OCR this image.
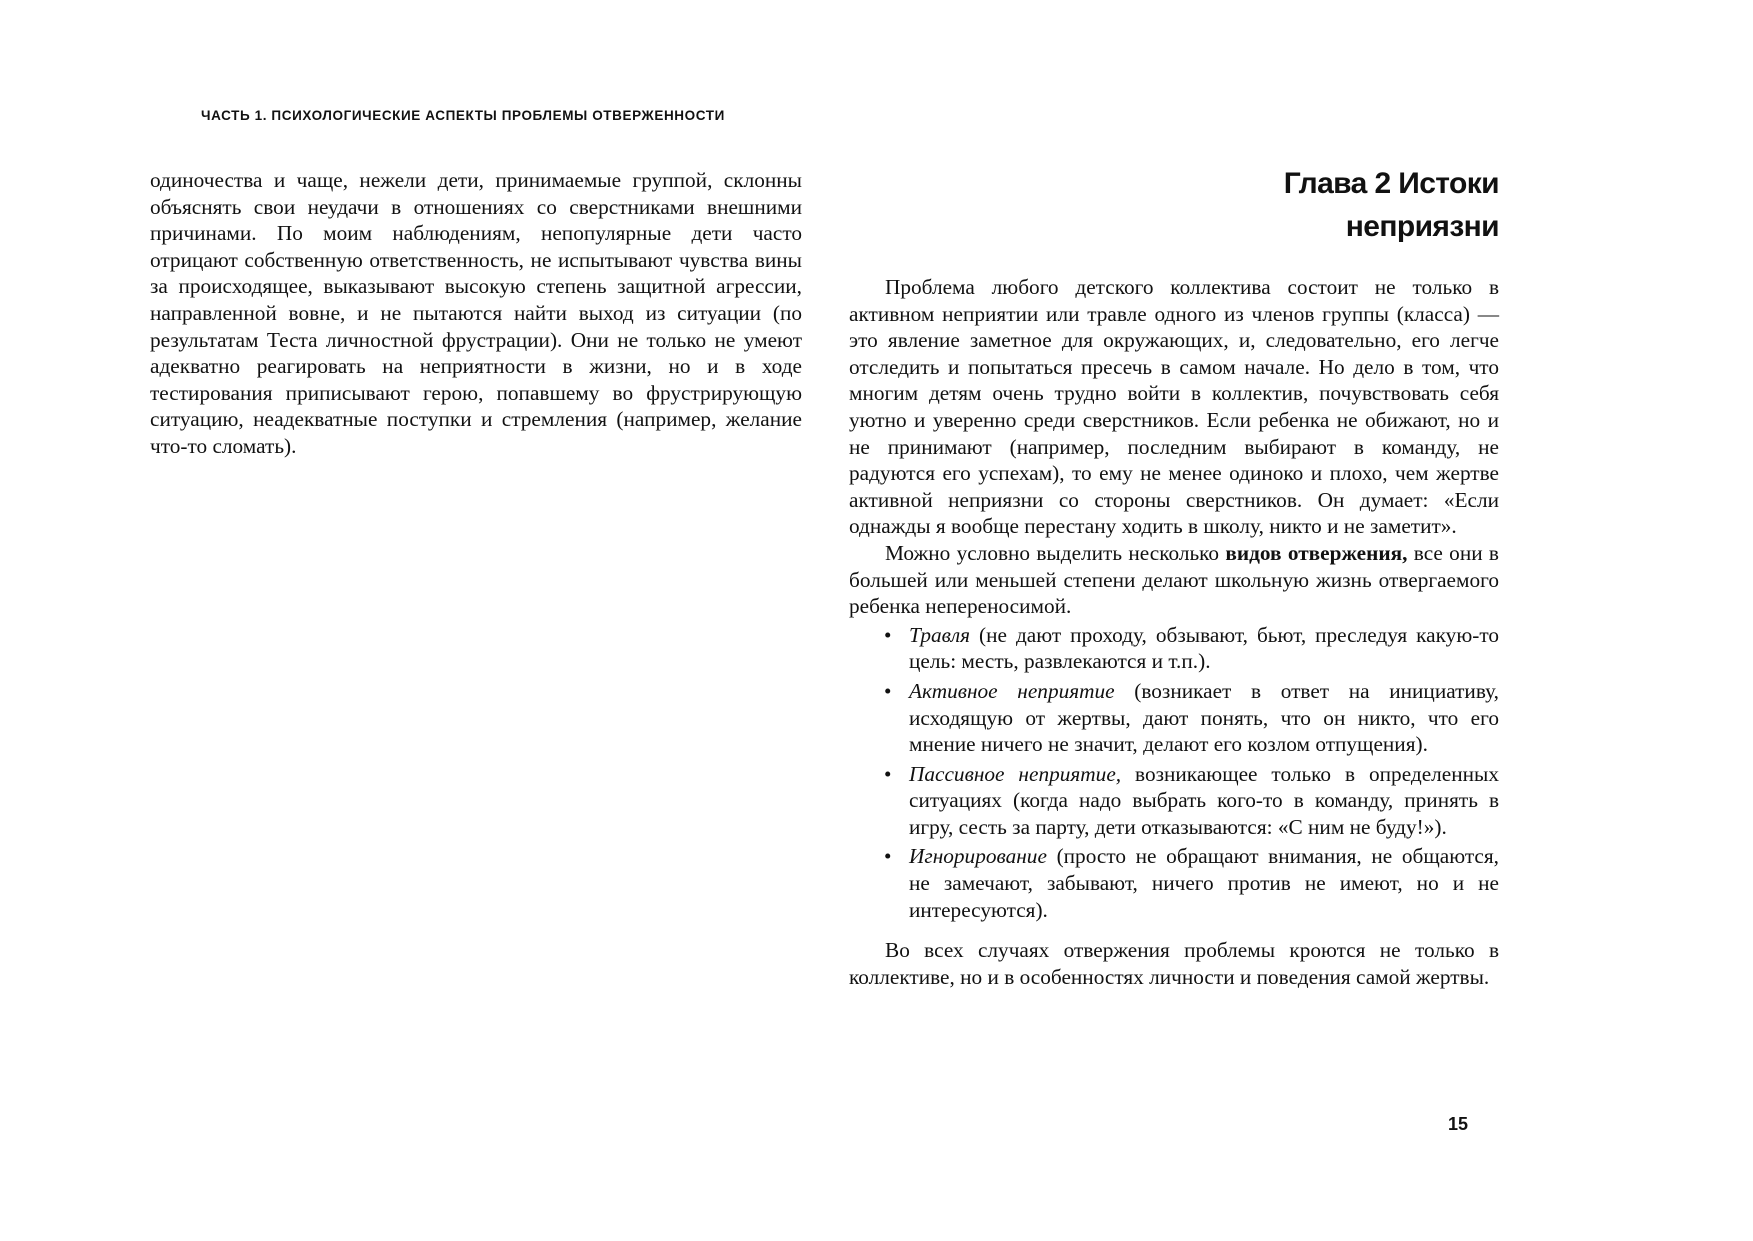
ЧАСТЬ 1. ПСИХОЛОГИЧЕСКИЕ АСПЕКТЫ ПРОБЛЕМЫ ОТВЕРЖЕННОСТИ

одиночества и чаще, нежели дети, принимаемые группой, склонны объяснять свои неудачи в отношениях со сверстниками внешними причинами. По моим наблюдениям, непопулярные дети часто отрицают собственную ответственность, не испытывают чувства вины за происходящее, выказывают высокую степень защитной агрессии, направленной вовне, и не пытаются найти выход из ситуации (по результатам Теста личностной фрустрации). Они не только не умеют адекватно реагировать на неприятности в жизни, но и в ходе тестирования приписывают герою, попавшему во фрустрирующую ситуацию, неадекватные поступки и стремления (например, желание что-то сломать).

Глава 2 Истоки
неприязни

Проблема любого детского коллектива состоит не только в активном неприятии или травле одного из членов группы (класса) — это явление заметное для окружающих, и, следовательно, его легче отследить и попытаться пресечь в самом начале. Но дело в том, что многим детям очень трудно войти в коллектив, почувствовать себя уютно и уверенно среди сверстников. Если ребенка не обижают, но и не принимают (например, последним выбирают в команду, не радуются его успехам), то ему не менее одиноко и плохо, чем жертве активной неприязни со стороны сверстников. Он думает: «Если однажды я вообще перестану ходить в школу, никто и не заметит».

Можно условно выделить несколько видов отвержения, все они в большей или меньшей степени делают школьную жизнь отвергаемого ребенка непереносимой.

• Травля (не дают проходу, обзывают, бьют, преследуя какую-то цель: месть, развлекаются и т.п.).
• Активное неприятие (возникает в ответ на инициативу, исходящую от жертвы, дают понять, что он никто, что его мнение ничего не значит, делают его козлом отпущения).
• Пассивное неприятие, возникающее только в определенных ситуациях (когда надо выбрать кого-то в команду, принять в игру, сесть за парту, дети отказываются: «С ним не буду!»).
• Игнорирование (просто не обращают внимания, не общаются, не замечают, забывают, ничего против не имеют, но и не интересуются).

Во всех случаях отвержения проблемы кроются не только в коллективе, но и в особенностях личности и поведения самой жертвы.

15
